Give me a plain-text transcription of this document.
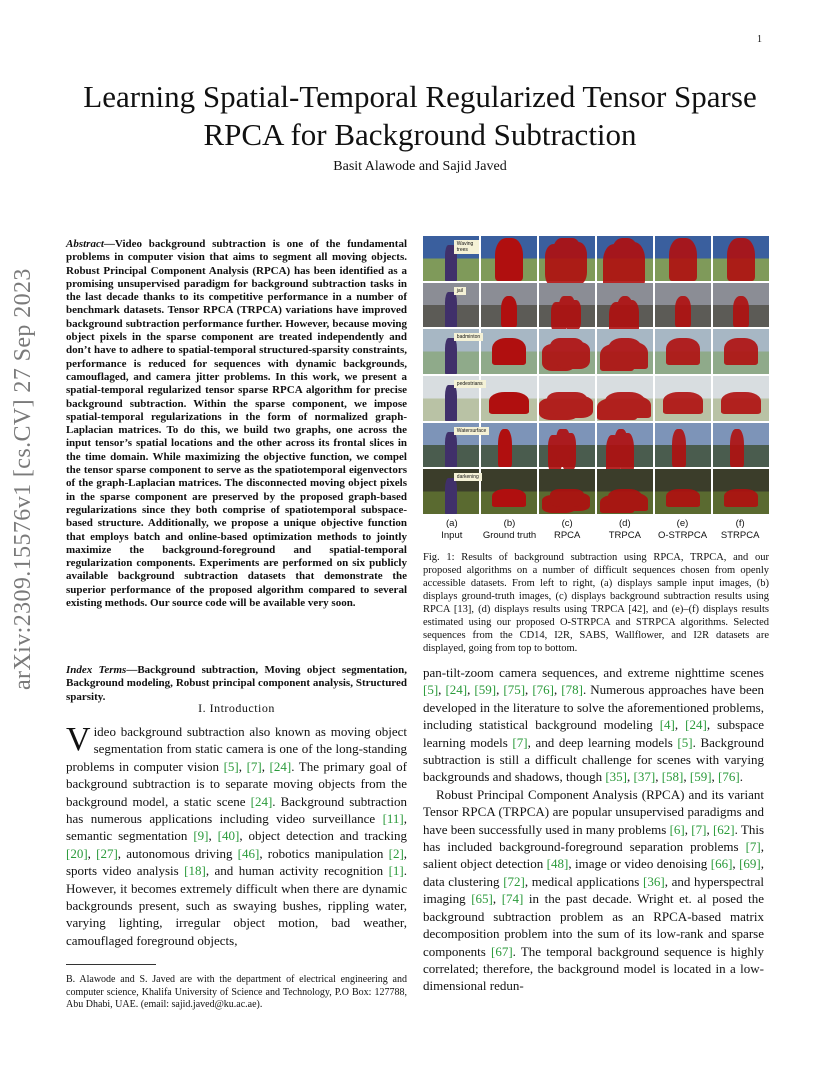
1
arXiv:2309.15576v1 [cs.CV] 27 Sep 2023
Learning Spatial-Temporal Regularized Tensor Sparse RPCA for Background Subtraction
Basit Alawode and Sajid Javed
Abstract—Video background subtraction is one of the fundamental problems in computer vision that aims to segment all moving objects. Robust Principal Component Analysis (RPCA) has been identified as a promising unsupervised paradigm for background subtraction tasks in the last decade thanks to its competitive performance in a number of benchmark datasets. Tensor RPCA (TRPCA) variations have improved background subtraction performance further. However, because moving object pixels in the sparse component are treated independently and don’t have to adhere to spatial-temporal structured-sparsity constraints, performance is reduced for sequences with dynamic backgrounds, camouflaged, and camera jitter problems. In this work, we present a spatial-temporal regularized tensor sparse RPCA algorithm for precise background subtraction. Within the sparse component, we impose spatial-temporal regularizations in the form of normalized graph-Laplacian matrices. To do this, we build two graphs, one across the input tensor’s spatial locations and the other across its frontal slices in the time domain. While maximizing the objective function, we compel the tensor sparse component to serve as the spatiotemporal eigenvectors of the graph-Laplacian matrices. The disconnected moving object pixels in the sparse component are preserved by the proposed graph-based regularizations since they both comprise of spatiotemporal subspace-based structure. Additionally, we propose a unique objective function that employs batch and online-based optimization methods to jointly maximize the background-foreground and spatial-temporal regularization components. Experiments are performed on six publicly available background subtraction datasets that demonstrate the superior performance of the proposed algorithm compared to several existing methods. Our source code will be available very soon.
Index Terms—Background subtraction, Moving object segmentation, Background modeling, Robust principal component analysis, Structured sparsity.
I. Introduction
Video background subtraction also known as moving object segmentation from static camera is one of the long-standing problems in computer vision [5], [7], [24]. The primary goal of background subtraction is to separate moving objects from the background model, a static scene [24]. Background subtraction has numerous applications including video surveillance [11], semantic segmentation [9], [40], object detection and tracking [20], [27], autonomous driving [46], robotics manipulation [2], sports video analysis [18], and human activity recognition [1]. However, it becomes extremely difficult when there are dynamic backgrounds present, such as swaying bushes, rippling water, varying lighting, irregular object motion, bad weather, camouflaged foreground objects,
B. Alawode and S. Javed are with the department of electrical engineering and computer science, Khalifa University of Science and Technology, P.O Box: 127788, Abu Dhabi, UAE. (email: sajid.javed@ku.ac.ae).
Waving trees
jail
badminton
pedestrians
Watersurface
darkening
(a)
Input
(b)
Ground truth
(c)
RPCA
(d)
TRPCA
(e)
O-STRPCA
(f)
STRPCA
Fig. 1: Results of background subtraction using RPCA, TRPCA, and our proposed algorithms on a number of difficult sequences chosen from openly accessible datasets. From left to right, (a) displays sample input images, (b) displays ground-truth images, (c) displays background subtraction results using RPCA [13], (d) displays results using TRPCA [42], and (e)–(f) displays results estimated using our proposed O-STRPCA and STRPCA algorithms. Selected sequences from the CD14, I2R, SABS, Wallflower, and I2R datasets are displayed, going from top to bottom.
pan-tilt-zoom camera sequences, and extreme nighttime scenes [5], [24], [59], [75], [76], [78]. Numerous approaches have been developed in the literature to solve the aforementioned problems, including statistical background modeling [4], [24], subspace learning models [7], and deep learning models [5]. Background subtraction is still a difficult challenge for scenes with varying backgrounds and shadows, though [35], [37], [58], [59], [76].
Robust Principal Component Analysis (RPCA) and its variant Tensor RPCA (TRPCA) are popular unsupervised paradigms and have been successfully used in many problems [6], [7], [62]. This has included background-foreground separation problems [7], salient object detection [48], image or video denoising [66], [69], data clustering [72], medical applications [36], and hyperspectral imaging [65], [74] in the past decade. Wright et. al posed the background subtraction problem as an RPCA-based matrix decomposition problem into the sum of its low-rank and sparse components [67]. The temporal background sequence is highly correlated; therefore, the background model is located in a low-dimensional redun-
